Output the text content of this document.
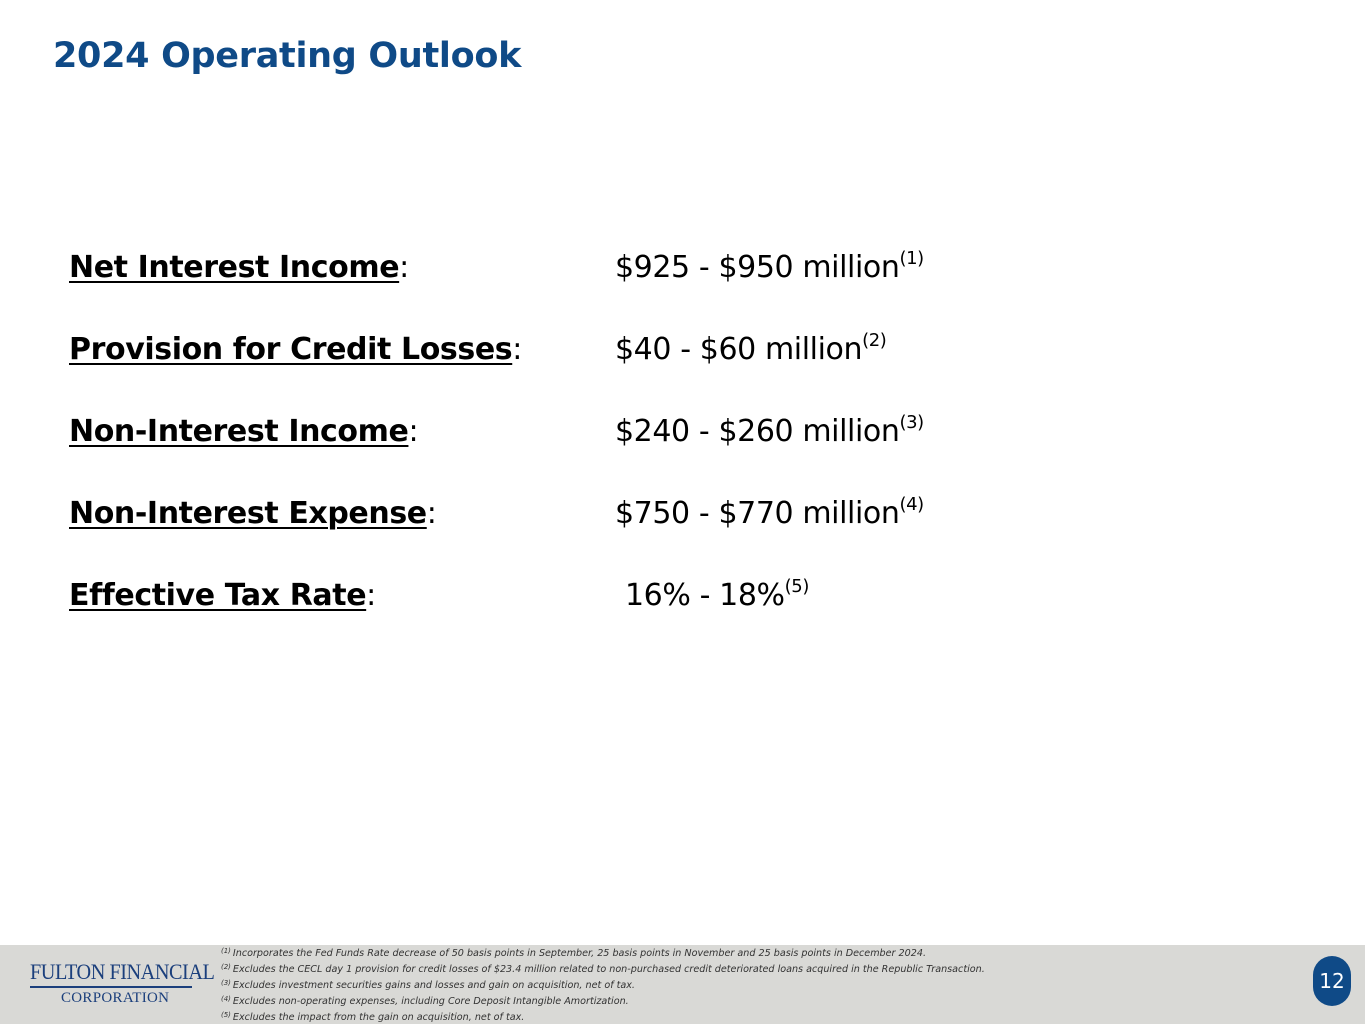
2024 Operating Outlook
Net Interest Income:	$925 - $950 million$^{(1)}$
Provision for Credit Losses:	$40 - $60 million$^{(2)}$
Non-Interest Income:	$240 - $260 million$^{(3)}$
Non-Interest Expense:	$750 - $770 million$^{(4)}$
Effective Tax Rate:	16% - 18%$^{(5)}$
FULTON FINANCIAL
CORPORATION
$^{(1)}$ Incorporates the Fed Funds Rate decrease of 50 basis points in September, 25 basis points in November and 25 basis points in December 2024.
$^{(2)}$ Excludes the CECL day 1 provision for credit losses of $23.4 million related to non-purchased credit deteriorated loans acquired in the Republic Transaction.
$^{(3)}$ Excludes investment securities gains and losses and gain on acquisition, net of tax.
$^{(4)}$ Excludes non-operating expenses, including Core Deposit Intangible Amortization.
$^{(5)}$ Excludes the impact from the gain on acquisition, net of tax.
12
